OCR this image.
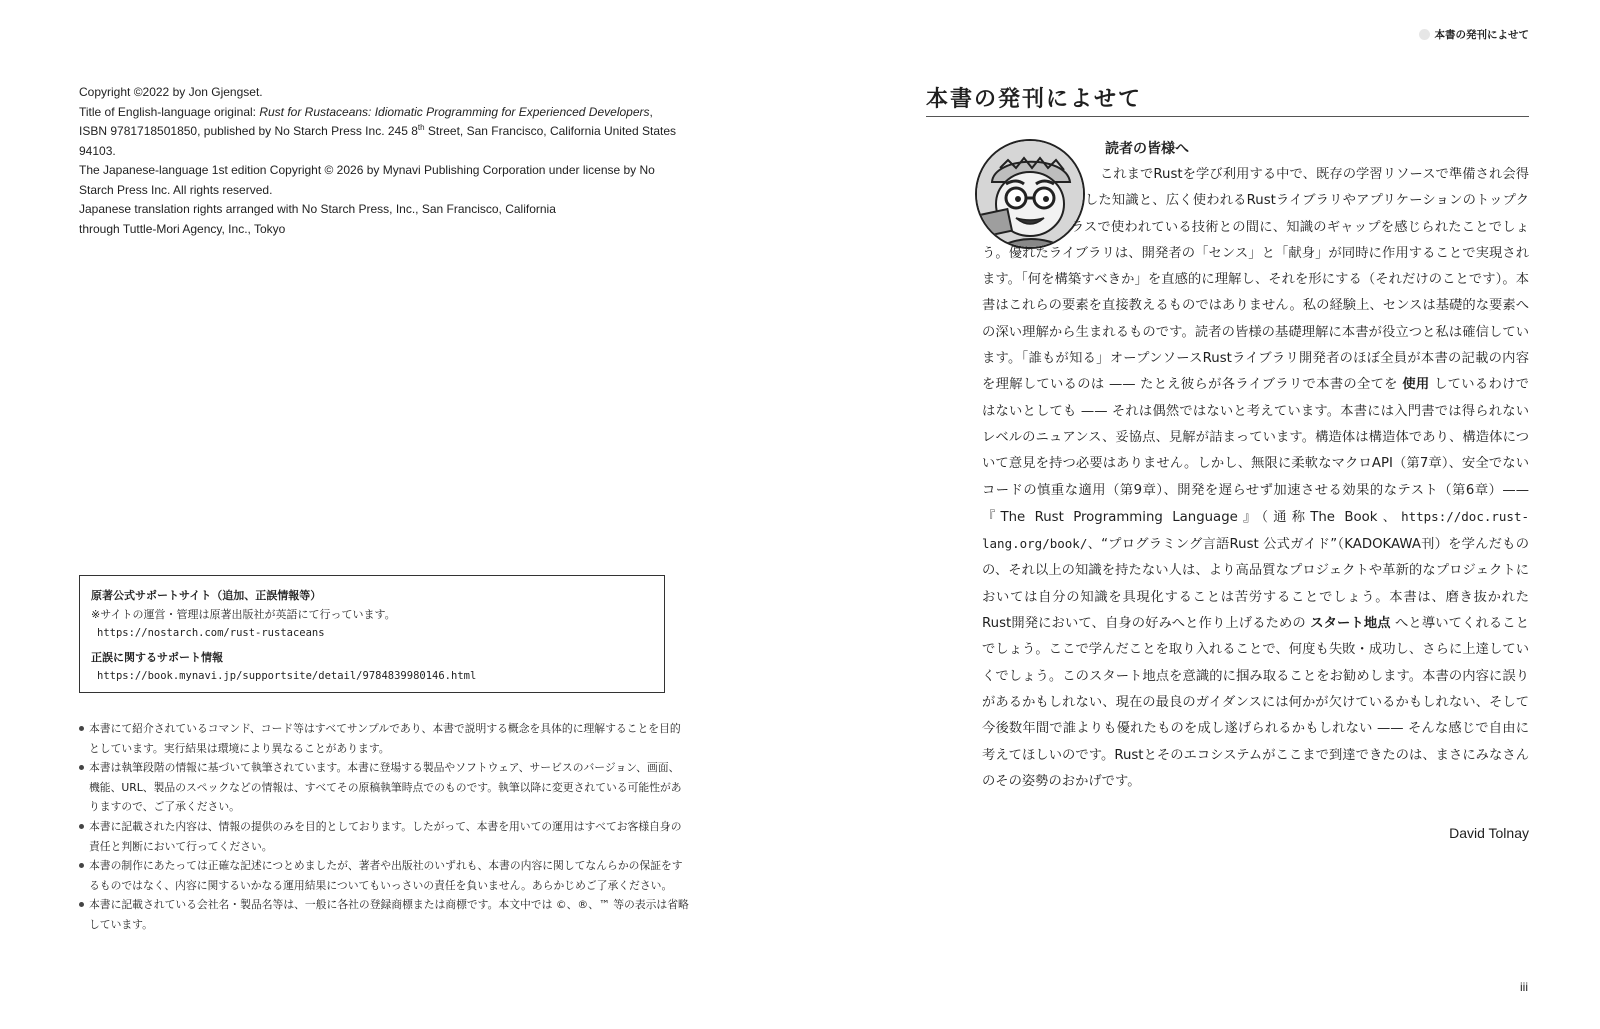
Copyright ©2022 by Jon Gjengset.

Title of English-language original: Rust for Rustaceans: Idiomatic Programming for Experienced Developers,

ISBN 9781718501850, published by No Starch Press Inc. 245 8th Street, San Francisco, California United States 94103.

The Japanese-language 1st edition Copyright © 2026 by Mynavi Publishing Corporation under license by No Starch Press Inc. All rights reserved.

Japanese translation rights arranged with No Starch Press, Inc., San Francisco, California

through Tuttle-Mori Agency, Inc., Tokyo

原著公式サポートサイト（追加、正誤情報等）
※サイトの運営・管理は原著出版社が英語にて行っています。
https://nostarch.com/rust-rustaceans
正誤に関するサポート情報
https://book.mynavi.jp/supportsite/detail/9784839980146.html
本書にて紹介されているコマンド、コード等はすべてサンプルであり、本書で説明する概念を具体的に理解することを目的としています。実行結果は環境により異なることがあります。
本書は執筆段階の情報に基づいて執筆されています。本書に登場する製品やソフトウェア、サービスのバージョン、画面、機能、URL、製品のスペックなどの情報は、すべてその原稿執筆時点でのものです。執筆以降に変更されている可能性がありますので、ご了承ください。
本書に記載された内容は、情報の提供のみを目的としております。したがって、本書を用いての運用はすべてお客様自身の責任と判断において行ってください。
本書の制作にあたっては正確な記述につとめましたが、著者や出版社のいずれも、本書の内容に関してなんらかの保証をするものではなく、内容に関するいかなる運用結果についてもいっさいの責任を負いません。あらかじめご了承ください。
本書に記載されている会社名・製品名等は、一般に各社の登録商標または商標です。本文中では ©、®、™ 等の表示は省略しています。
本書の発刊によせて
本書の発刊によせて
読者の皆様へ

これまでRustを学び利用する中で、既存の学習リソースで準備され会得した知識と、広く使われるRustライブラリやアプリケーションのトップクラスで使われている技術との間に、知識のギャップを感じられたことでしょう。優れたライブラリは、開発者の「センス」と「献身」が同時に作用することで実現されます。「何を構築すべきか」を直感的に理解し、それを形にする（それだけのことです）。本書はこれらの要素を直接教えるものではありません。私の経験上、センスは基礎的な要素への深い理解から生まれるものです。読者の皆様の基礎理解に本書が役立つと私は確信しています。「誰もが知る」オープンソースRustライブラリ開発者のほぼ全員が本書の記載の内容を理解しているのは —— たとえ彼らが各ライブラリで本書の全てを 使用 しているわけではないとしても —— それは偶然ではないと考えています。本書には入門書では得られないレベルのニュアンス、妥協点、見解が詰まっています。構造体は構造体であり、構造体について意見を持つ必要はありません。しかし、無限に柔軟なマクロAPI（第7章）、安全でないコードの慎重な適用（第9章）、開発を遅らせず加速させる効果的なテスト（第6章）——『The Rust Programming Language』（通称The Book、https://doc.rust-lang.org/book/、“プログラミング言語Rust 公式ガイド”（KADOKAWA刊）を学んだものの、それ以上の知識を持たない人は、より高品質なプロジェクトや革新的なプロジェクトにおいては自分の知識を具現化することは苦労することでしょう。本書は、磨き抜かれたRust開発において、自身の好みへと作り上げるための スタート地点 へと導いてくれることでしょう。ここで学んだことを取り入れることで、何度も失敗・成功し、さらに上達していくでしょう。このスタート地点を意識的に掴み取ることをお勧めします。本書の内容に誤りがあるかもしれない、現在の最良のガイダンスには何かが欠けているかもしれない、そして今後数年間で誰よりも優れたものを成し遂げられるかもしれない —— そんな感じで自由に考えてほしいのです。Rustとそのエコシステムがここまで到達できたのは、まさにみなさんのその姿勢のおかげです。

David Tolnay
iii
